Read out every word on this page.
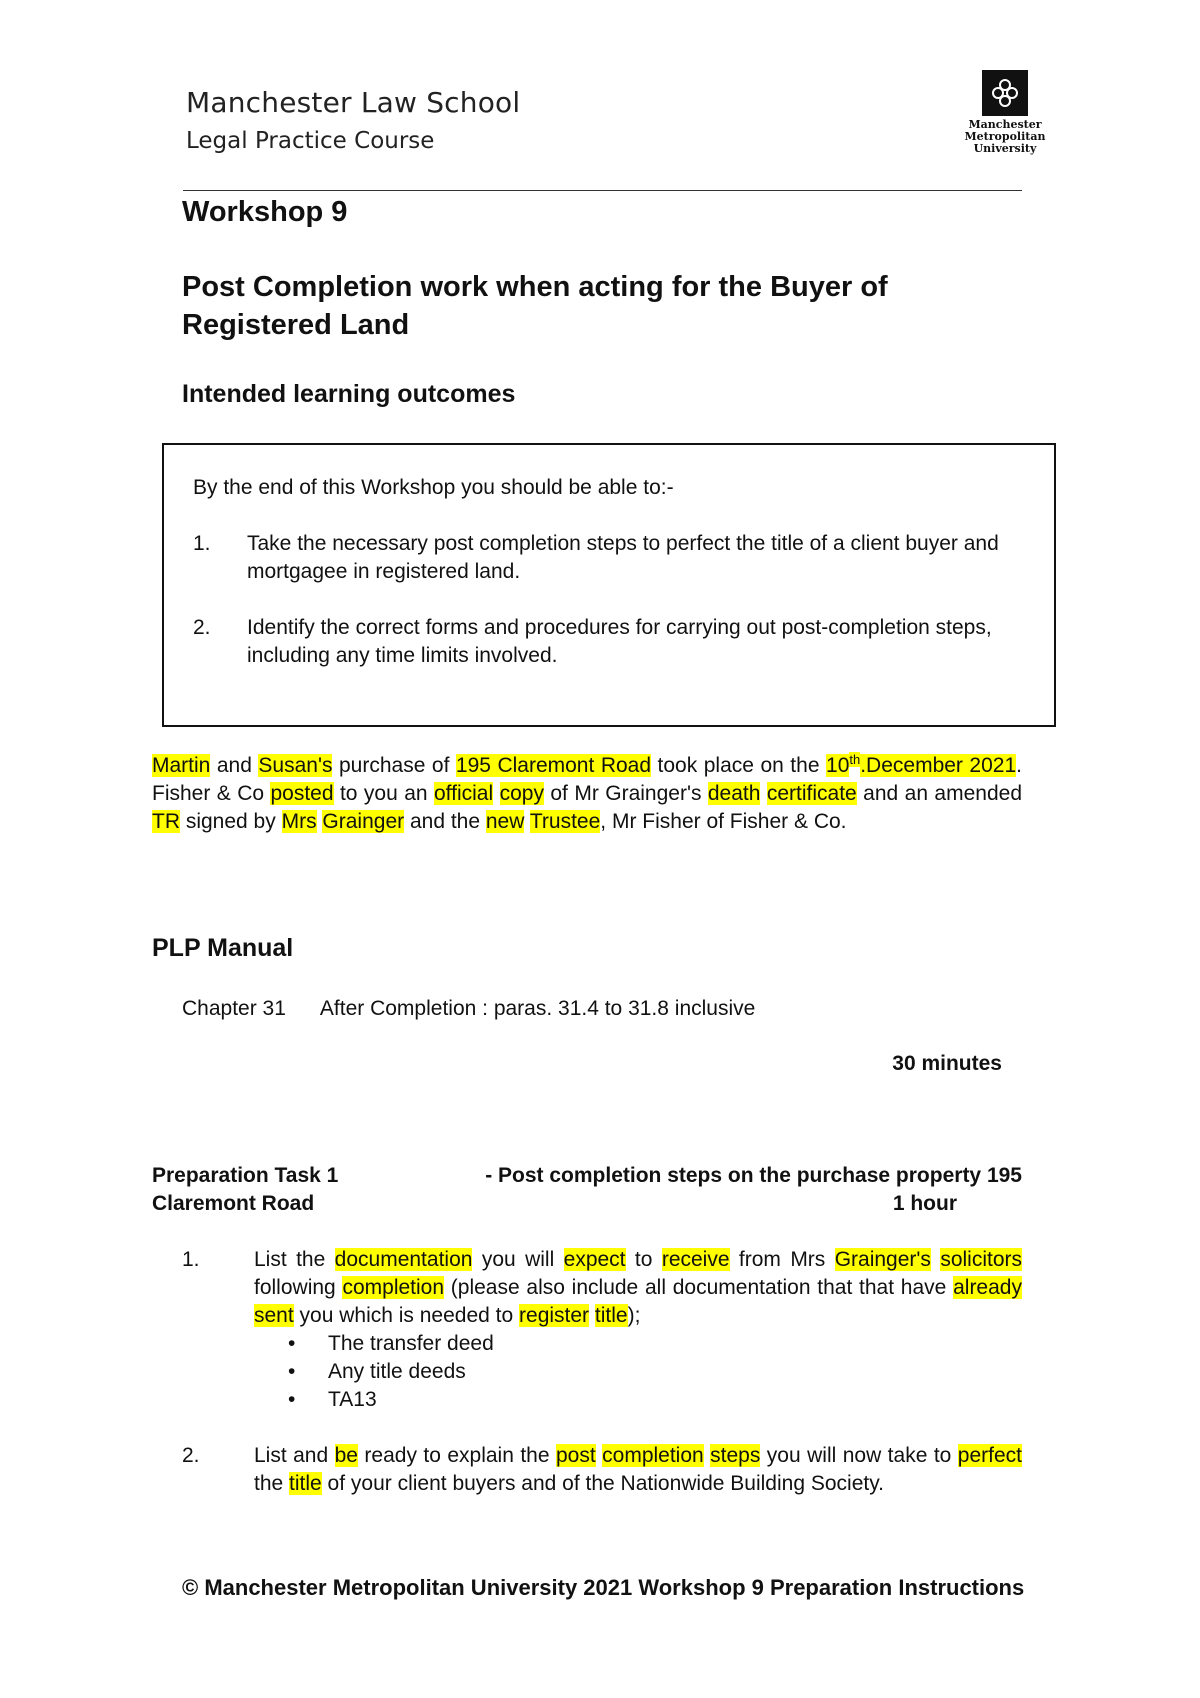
Manchester Law School
Legal Practice Course
Manchester
Metropolitan
University
Workshop 9
Post Completion work when acting for the Buyer of Registered Land
Intended learning outcomes
By the end of this Workshop you should be able to:-
1.	Take the necessary post completion steps to perfect the title of a client buyer and mortgagee in registered land.
2.	Identify the correct forms and procedures for carrying out post-completion steps, including any time limits involved.
Martin and Susan's purchase of 195 Claremont Road took place on the 10th.December 2021. Fisher & Co posted to you an official copy of Mr Grainger's death certificate and an amended TR signed by Mrs Grainger and the new Trustee, Mr Fisher of Fisher & Co.
PLP Manual
Chapter 31 After Completion : paras. 31.4 to 31.8 inclusive
30 minutes
Preparation Task 1	- Post completion steps on the purchase property 195
Claremont Road	1 hour
1.	List the documentation you will expect to receive from Mrs Grainger's solicitors following completion (please also include all documentation that that have already sent you which is needed to register title);
• The transfer deed
• Any title deeds
• TA13
2.	List and be ready to explain the post completion steps you will now take to perfect the title of your client buyers and of the Nationwide Building Society.
© Manchester Metropolitan University 2021 Workshop 9 Preparation Instructions
